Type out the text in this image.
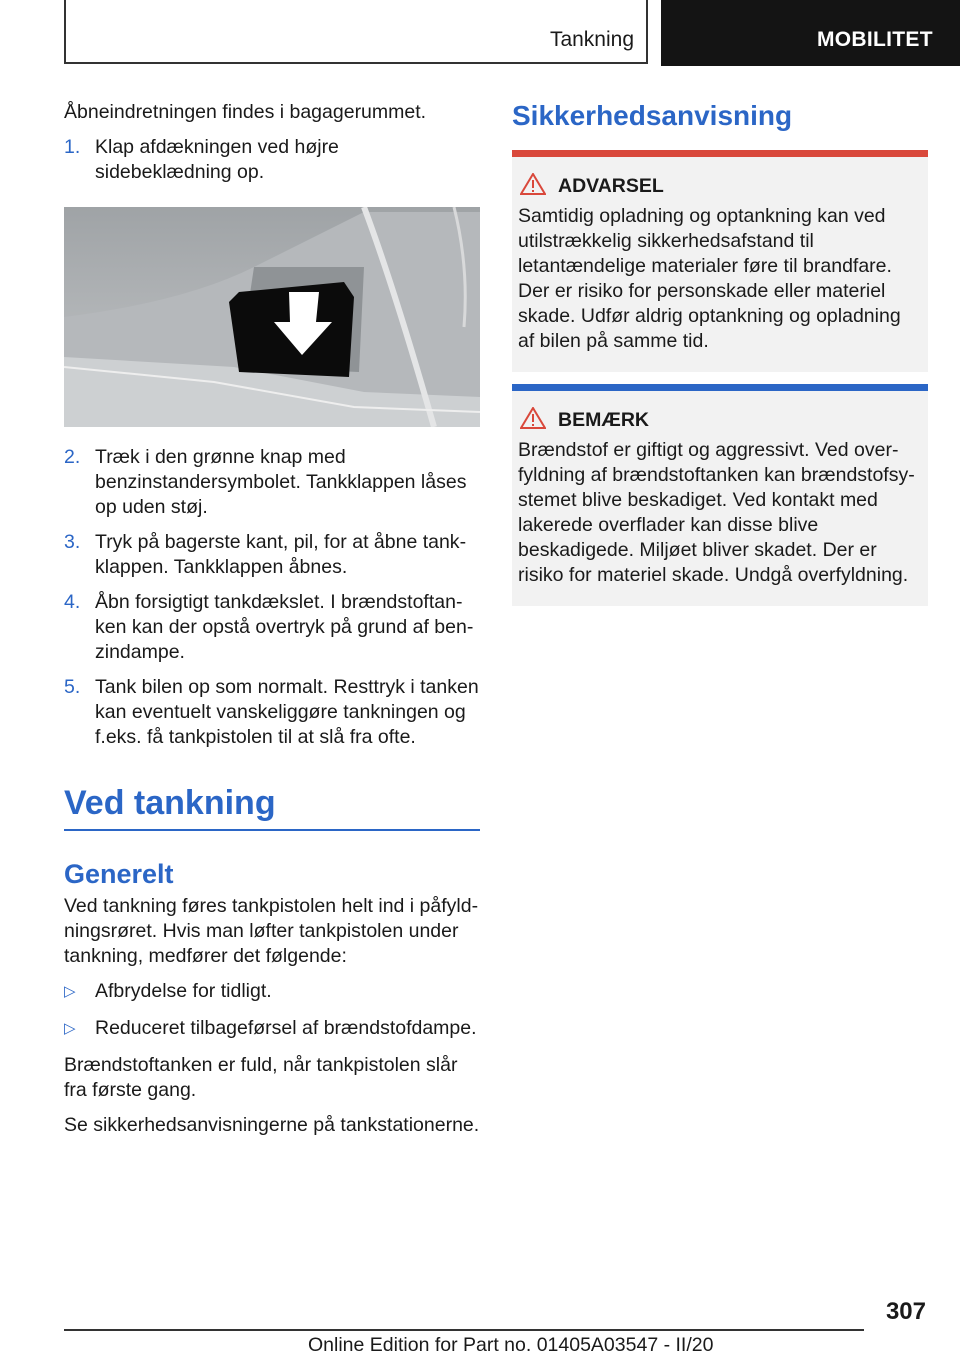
Tankning	MOBILITET

Åbneindretningen findes i bagagerummet.

1. Klap afdækningen ved højre sidebeklædning op.
2. Træk i den grønne knap med benzinstandersymbolet. Tankklappen låses op uden støj.
3. Tryk på bagerste kant, pil, for at åbne tankklappen. Tankklappen åbnes.
4. Åbn forsigtigt tankdækslet. I brændstoftanken kan der opstå overtryk på grund af benzindampe.
5. Tank bilen op som normalt. Resttryk i tanken kan eventuelt vanskeliggøre tankningen og f.eks. få tankpistolen til at slå fra ofte.
Ved tankning
Generelt

Ved tankning føres tankpistolen helt ind i påfyldningsrøret. Hvis man løfter tankpistolen under tankning, medfører det følgende:

▷ Afbrydelse for tidligt.
▷ Reduceret tilbageførsel af brændstofdampe.

Brændstoftanken er fuld, når tankpistolen slår fra første gang.

Se sikkerhedsanvisningerne på tankstationerne.

Sikkerhedsanvisning
ADVARSEL

Samtidig opladning og optankning kan ved utilstrækkelig sikkerhedsafstand til letantændelige materialer føre til brandfare. Der er risiko for personskade eller materiel skade. Udfør aldrig optankning og opladning af bilen på samme tid.

BEMÆRK

Brændstof er giftigt og aggressivt. Ved overfyldning af brændstoftanken kan brændstofsystemet blive beskadiget. Ved kontakt med lakerede overflader kan disse blive beskadigede. Miljøet bliver skadet. Der er risiko for materiel skade. Undgå overfyldning.

307
Online Edition for Part no. 01405A03547 - II/20
